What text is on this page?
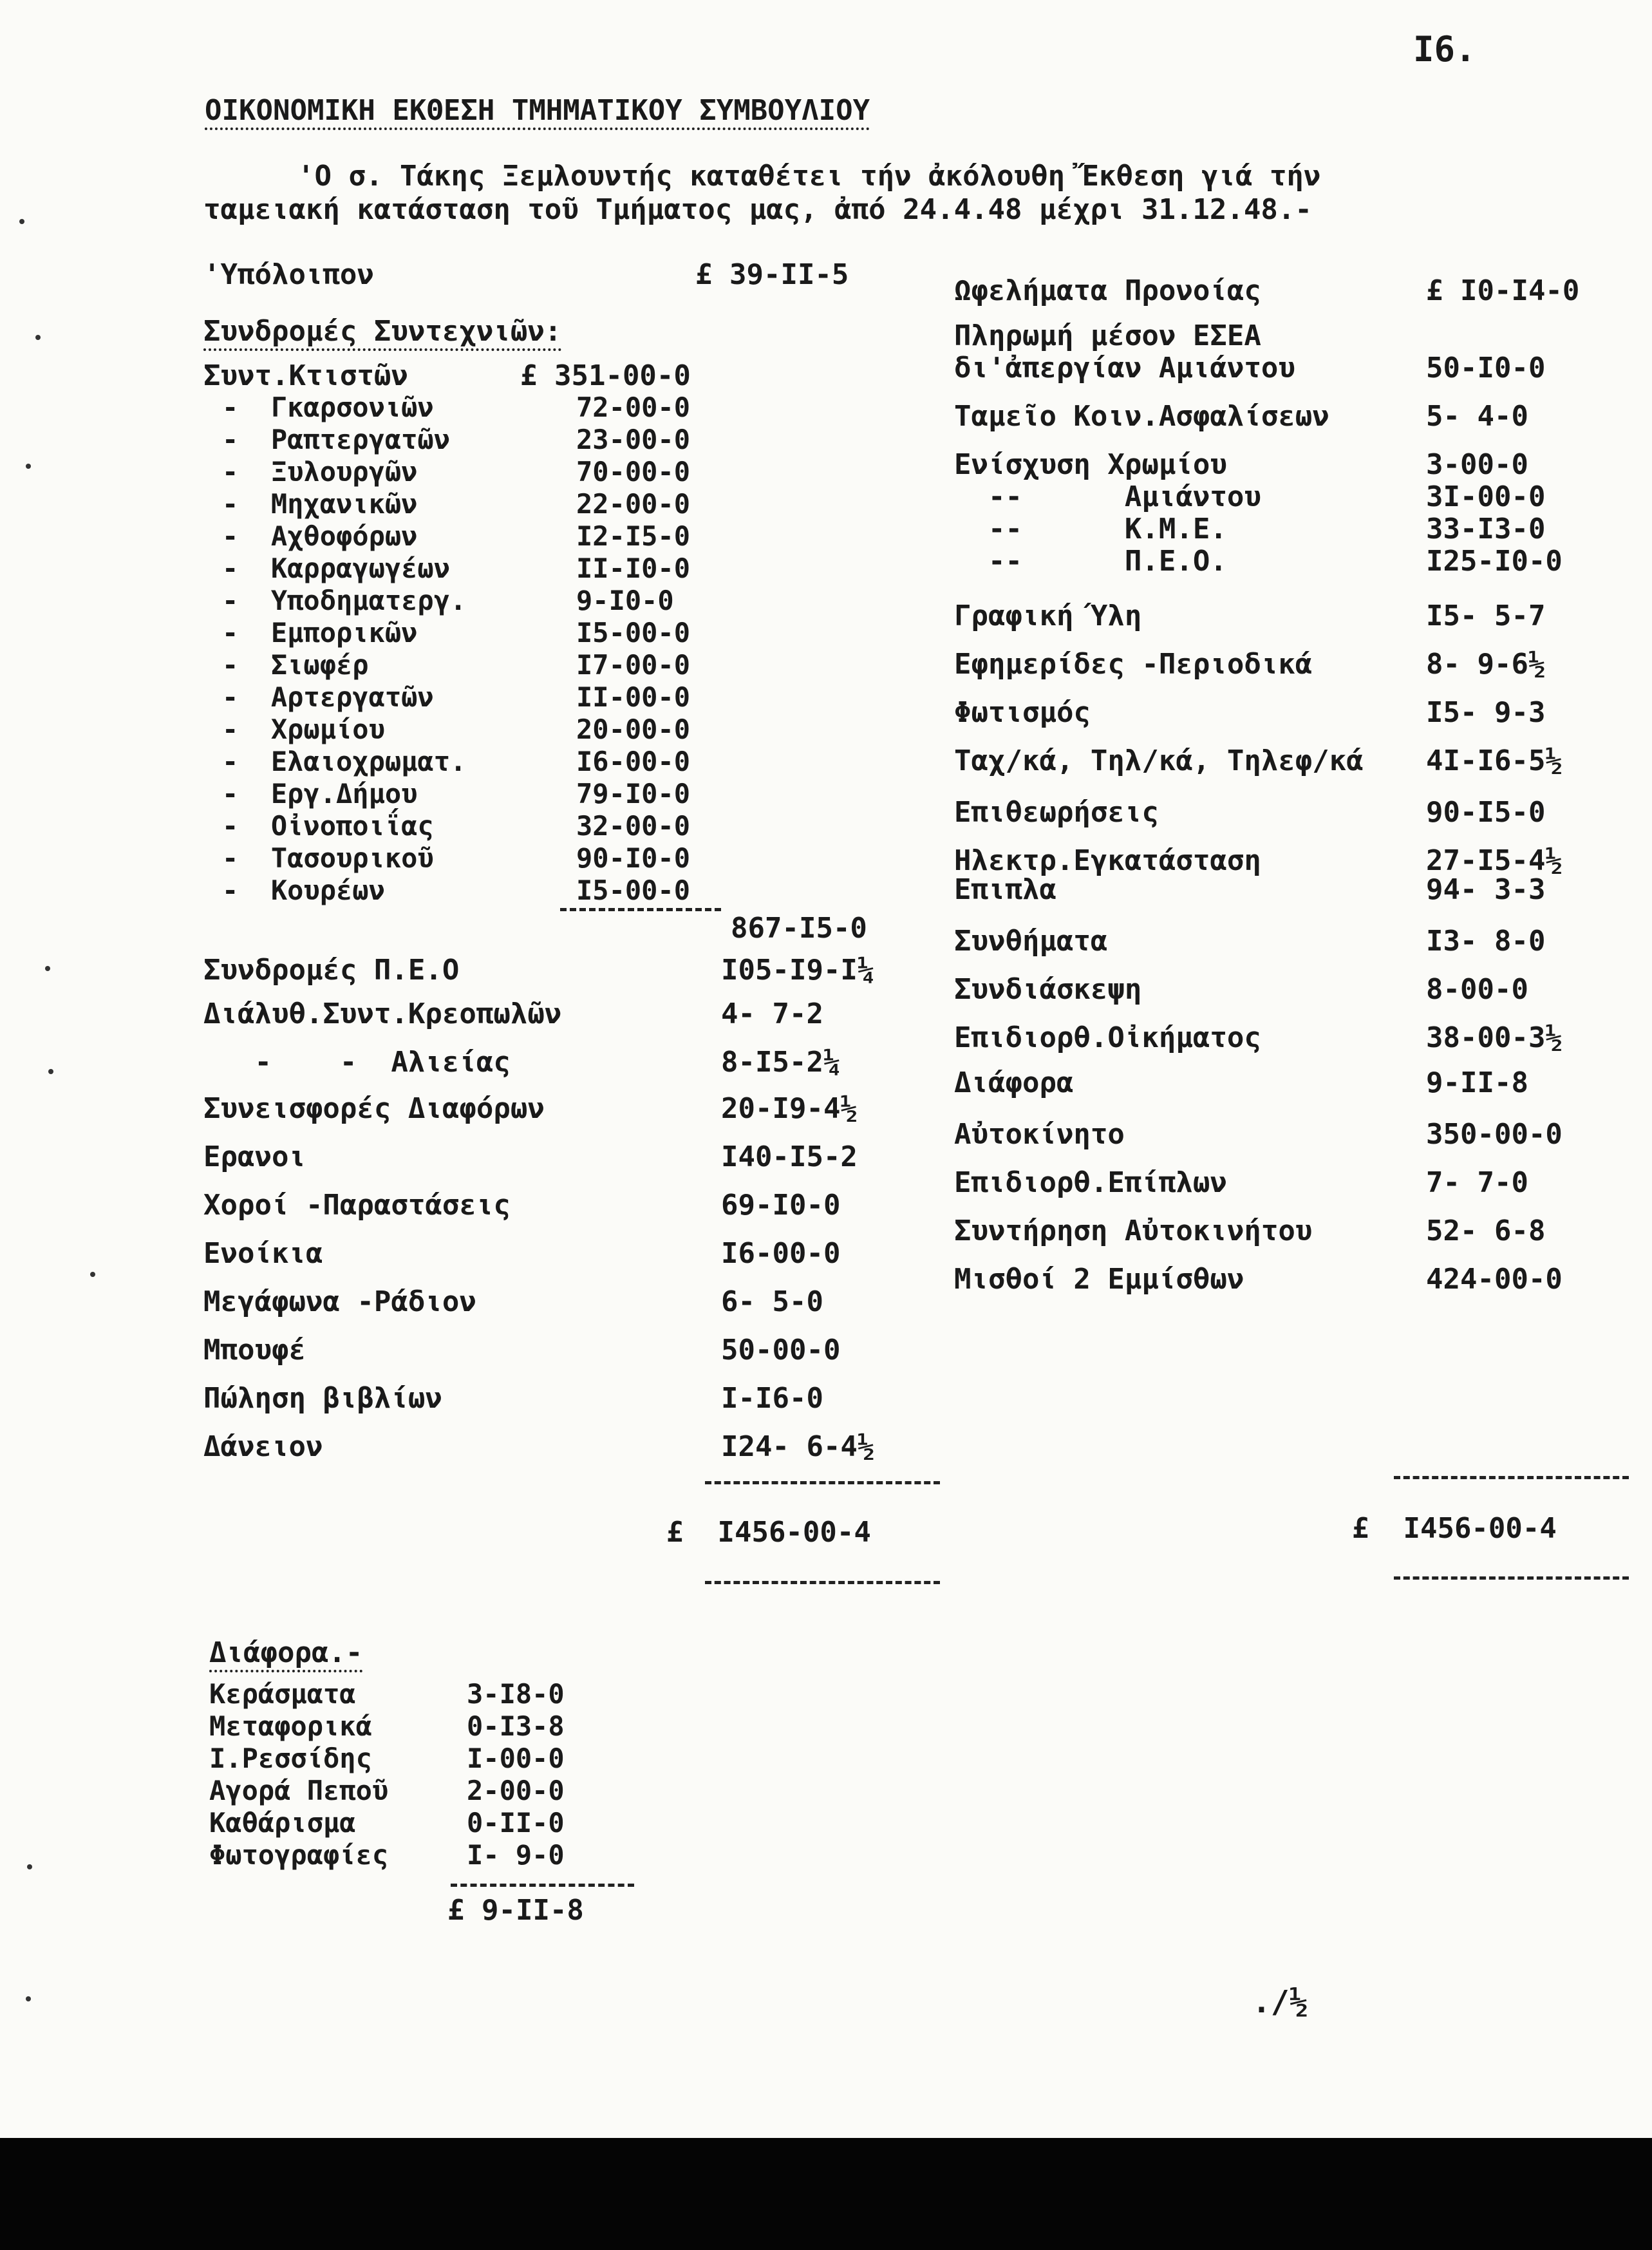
I6.
ΟΙΚΟΝΟΜΙΚΗ ΕΚΘΕΣΗ ΤΜΗΜΑΤΙΚΟΥ ΣΥΜΒΟΥΛΙΟΥ
'Ο σ. Τάκης Ξεμλουντής καταθέτει τήν ἀκόλουθη Ἔκθεση γιά τήν
ταμειακή κατάσταση τοῦ Τμήματος μας, ἀπό 24.4.48 μέχρι 31.12.48.-
'Υπόλοιπον	£ 39-II-5
Συνδρομές Συντεχνιῶν:
Συντ.Κτιστῶν	£ 351-00-0
-  Γκαρσονιῶν	72-00-0
-  Ραπτεργατῶν	23-00-0
-  Ξυλουργῶν	70-00-0
-  Μηχανικῶν	22-00-0
-  Αχθοφόρων	I2-I5-0
-  Καρραγωγέων	II-I0-0
-  Υποδηματεργ.	9-I0-0
-  Εμπορικῶν	I5-00-0
-  Σιωφέρ	I7-00-0
-  Αρτεργατῶν	II-00-0
-  Χρωμίου	20-00-0
-  Ελαιοχρωματ.	I6-00-0
-  Εργ.Δήμου	79-I0-0
-  Οἰνοποιΐας	32-00-0
-  Τασουρικοῦ	90-I0-0
-  Κουρέων	I5-00-0
867-I5-0
Συνδρομές Π.Ε.Ο	I05-I9-I¼
Διάλυθ.Συντ.Κρεοπωλῶν	4- 7-2
-    -  Αλιείας	8-I5-2¼
Συνεισφορές Διαφόρων	20-I9-4½
Ερανοι	I40-I5-2
Χοροί -Παραστάσεις	69-I0-0
Ενοίκια	I6-00-0
Μεγάφωνα -Ράδιον	6- 5-0
Μπουφέ	50-00-0
Πώληση βιβλίων	I-I6-0
Δάνειον	I24- 6-4½
£  I456-00-4
Ωφελήματα Προνοίας	£ I0-I4-0
Πληρωμή μέσον ΕΣΕΑ
δι'ἀπεργίαν Αμιάντου	50-I0-0
Ταμεῖο Κοιν.Ασφαλίσεων	5- 4-0
Ενίσχυση Χρωμίου	3-00-0
--      Αμιάντου	3I-00-0
--      Κ.Μ.Ε.	33-I3-0
--      Π.Ε.Ο.	I25-I0-0
Γραφική Ύλη	I5- 5-7
Εφημερίδες -Περιοδικά	8- 9-6½
Φωτισμός	I5- 9-3
Ταχ/κά, Τηλ/κά, Τηλεφ/κά 4I-I6-5½
Επιθεωρήσεις	90-I5-0
Ηλεκτρ.Εγκατάσταση	27-I5-4½
Επιπλα	94- 3-3
Συνθήματα	I3- 8-0
Συνδιάσκεψη	8-00-0
Επιδιορθ.Οἰκήματος	38-00-3½
Διάφορα	9-II-8
Αὐτοκίνητο	350-00-0
Επιδιορθ.Επίπλων	7- 7-0
Συντήρηση Αὐτοκινήτου	52- 6-8
Μισθοί 2 Εμμίσθων	424-00-0
£  I456-00-4
Διάφορα.-
Κεράσματα	3-I8-0
Μεταφορικά	0-I3-8
Ι.Ρεσσίδης	I-00-0
Αγορά Πεποῦ	2-00-0
Καθάρισμα	0-II-0
Φωτογραφίες	I- 9-0
£ 9-II-8
./½
